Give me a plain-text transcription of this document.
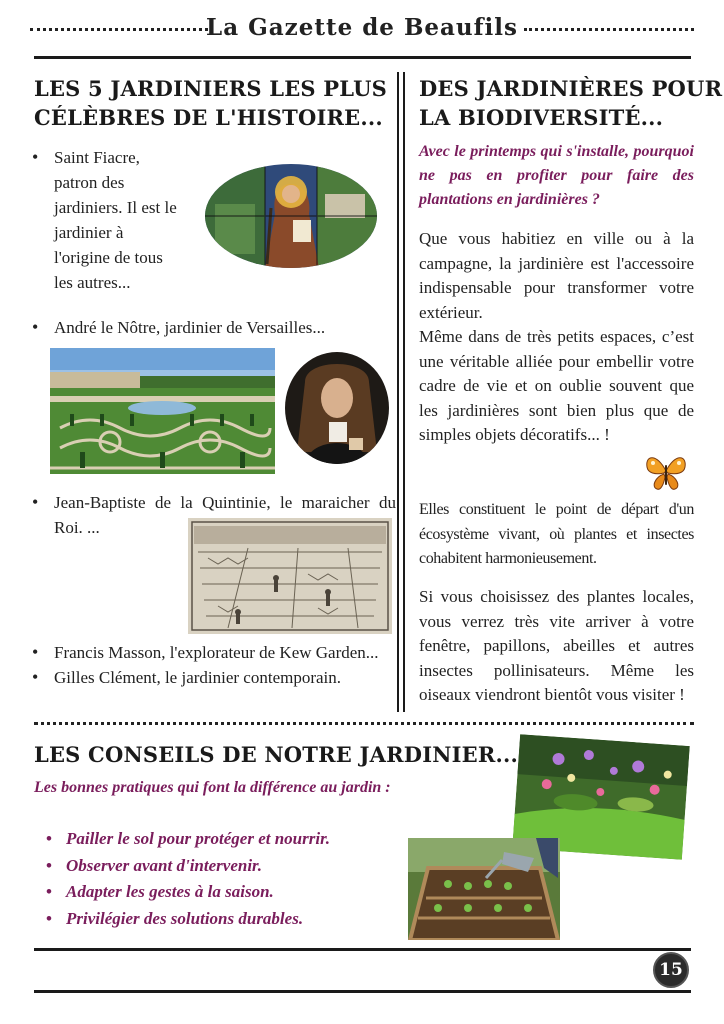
La Gazette de Beaufils
LES 5 JARDINIERS LES PLUS
CÉLÈBRES DE L'HISTOIRE...
• Saint Fiacre,
patron des
jardiniers. Il est le
jardinier à
l'origine de tous
les autres...
• André le Nôtre, jardinier de Versailles...
• Jean-Baptiste de la Quintinie, le maraicher du Roi. ...
• Francis Masson, l'explorateur de Kew Garden...
• Gilles Clément, le jardinier contemporain.
DES JARDINIÈRES POUR
LA BIODIVERSITÉ...
Avec le printemps qui s'installe, pourquoi ne pas en profiter pour faire des plantations en jardinières ?
Que vous habitiez en ville ou à la campagne, la jardinière est l'accessoire indispensable pour transformer votre extérieur.
Même dans de très petits espaces, c’est une véritable alliée pour embellir votre cadre de vie et on oublie souvent que les jardinières sont bien plus que de simples objets décoratifs... !
Elles constituent le point de départ d'un écosystème vivant, où plantes et insectes cohabitent harmonieusement.
Si vous choisissez des plantes locales, vous verrez très vite arriver à votre fenêtre, papillons, abeilles et autres insectes pollinisateurs. Même les oiseaux viendront bientôt vous visiter !
LES CONSEILS DE NOTRE JARDINIER...
Les bonnes pratiques qui font la différence au jardin :
• Pailler le sol pour protéger et nourrir.
• Observer avant d'intervenir.
• Adapter les gestes à la saison.
• Privilégier des solutions durables.
15
